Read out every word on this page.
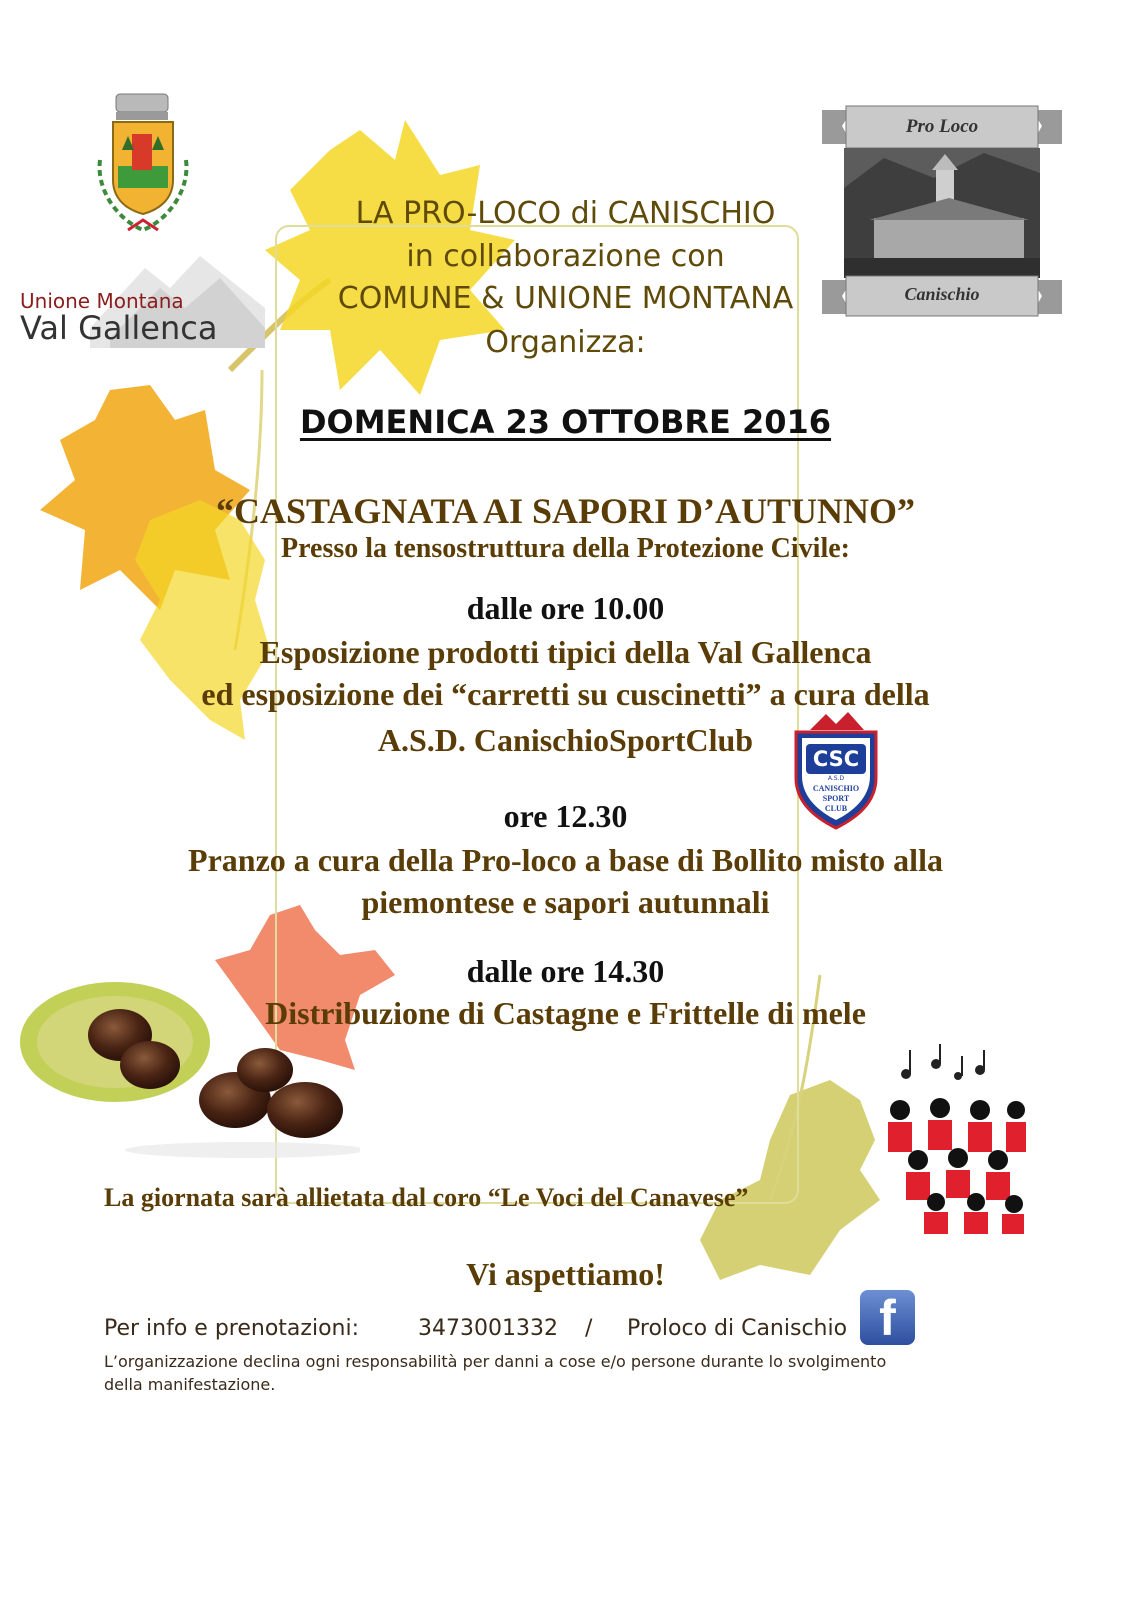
Unione Montana
Val Gallenca
Pro Loco
Canischio
LA PRO-LOCO di CANISCHIO
in collaborazione con
COMUNE & UNIONE MONTANA
Organizza:
DOMENICA 23 OTTOBRE 2016
“CASTAGNATA AI SAPORI D’AUTUNNO”
Presso la tensostruttura della Protezione Civile:
dalle ore 10.00
Esposizione prodotti tipici della Val Gallenca
ed esposizione dei “carretti su cuscinetti” a cura della
A.S.D. CanischioSportClub
CSC
A.S.D
CANISCHIO
SPORT
CLUB
ore 12.30
Pranzo a cura della Pro-loco a base di Bollito misto alla
piemontese e sapori autunnali
dalle ore 14.30
Distribuzione di Castagne e Frittelle di mele
La giornata sarà allietata dal coro “Le Voci del Canavese”
Vi aspettiamo!
Per info e prenotazioni:	3473001332 / Proloco di Canischio f
L’organizzazione declina ogni responsabilità per danni a cose e/o persone durante lo svolgimento
della manifestazione.
